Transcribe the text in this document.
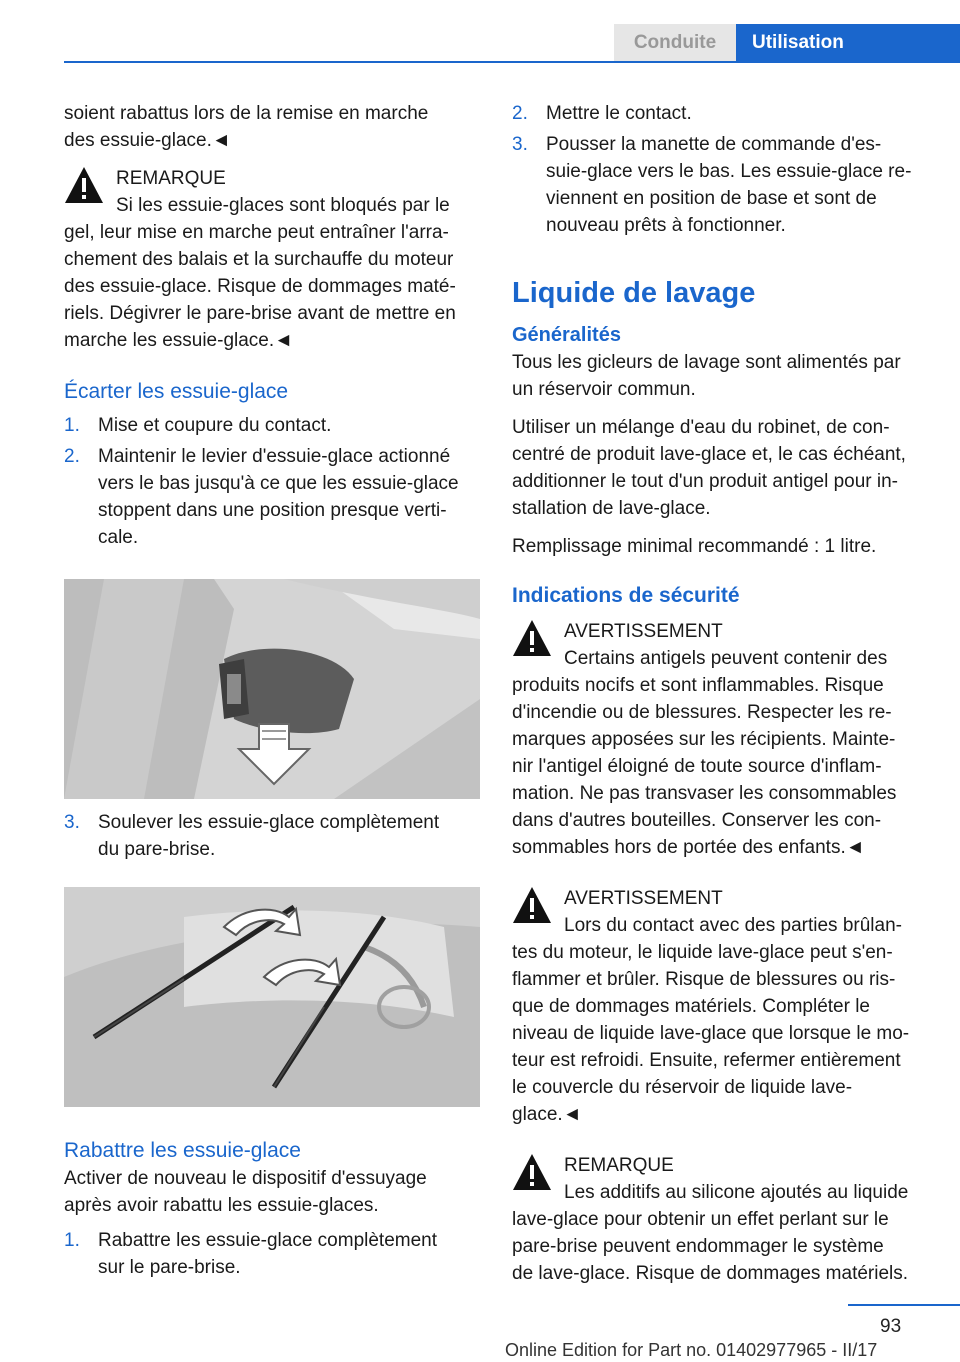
Conduite	Utilisation

soient rabattus lors de la remise en marche

des essuie-glace.◄

REMARQUE

Si les essuie-glaces sont bloqués par le

gel, leur mise en marche peut entraîner l'arra-

chement des balais et la surchauffe du moteur

des essuie-glace. Risque de dommages maté-

riels. Dégivrer le pare-brise avant de mettre en

marche les essuie-glace.◄

Écarter les essuie-glace

1. Mise et coupure du contact.
2. Maintenir le levier d'essuie-glace actionné
vers le bas jusqu'à ce que les essuie-glace
stoppent dans une position presque verti-
cale.
3. Soulever les essuie-glace complètement
du pare-brise.

Rabattre les essuie-glace

Activer de nouveau le dispositif d'essuyage

après avoir rabattu les essuie-glaces.

1. Rabattre les essuie-glace complètement
sur le pare-brise.
2. Mettre le contact.
3. Pousser la manette de commande d'es-
suie-glace vers le bas. Les essuie-glace re-
viennent en position de base et sont de
nouveau prêts à fonctionner.

Liquide de lavage

Généralités

Tous les gicleurs de lavage sont alimentés par

un réservoir commun.

Utiliser un mélange d'eau du robinet, de con-

centré de produit lave-glace et, le cas échéant,

additionner le tout d'un produit antigel pour in-

stallation de lave-glace.

Remplissage minimal recommandé : 1 litre.

Indications de sécurité

AVERTISSEMENT

Certains antigels peuvent contenir des

produits nocifs et sont inflammables. Risque

d'incendie ou de blessures. Respecter les re-

marques apposées sur les récipients. Mainte-

nir l'antigel éloigné de toute source d'inflam-

mation. Ne pas transvaser les consommables

dans d'autres bouteilles. Conserver les con-

sommables hors de portée des enfants.◄

AVERTISSEMENT

Lors du contact avec des parties brûlan-

tes du moteur, le liquide lave-glace peut s'en-

flammer et brûler. Risque de blessures ou ris-

que de dommages matériels. Compléter le

niveau de liquide lave-glace que lorsque le mo-

teur est refroidi. Ensuite, refermer entièrement

le couvercle du réservoir de liquide lave-

glace.◄

REMARQUE

Les additifs au silicone ajoutés au liquide

lave-glace pour obtenir un effet perlant sur le

pare-brise peuvent endommager le système

de lave-glace. Risque de dommages matériels.

93
Online Edition for Part no. 01402977965 - II/17
